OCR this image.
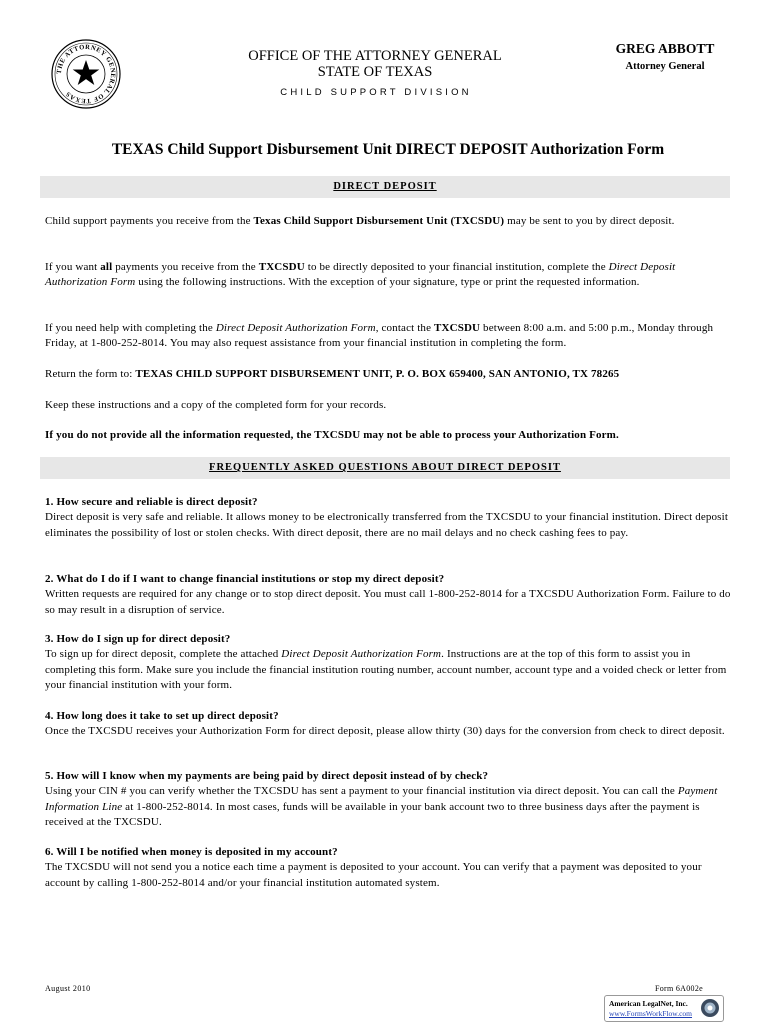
THE ATTORNEY GENERAL OF TEXAS
OFFICE OF THE ATTORNEY GENERAL
STATE OF TEXAS
CHILD SUPPORT DIVISION
GREG ABBOTT
Attorney General
TEXAS Child Support Disbursement Unit DIRECT DEPOSIT Authorization Form
DIRECT DEPOSIT
Child support payments you receive from the Texas Child Support Disbursement Unit (TXCSDU) may be sent to you by direct deposit.
If you want all payments you receive from the TXCSDU to be directly deposited to your financial institution, complete the Direct Deposit Authorization Form using the following instructions. With the exception of your signature, type or print the requested information.
If you need help with completing the Direct Deposit Authorization Form, contact the TXCSDU between 8:00 a.m. and 5:00 p.m., Monday through Friday, at 1-800-252-8014. You may also request assistance from your financial institution in completing the form.
Return the form to: TEXAS CHILD SUPPORT DISBURSEMENT UNIT, P. O. BOX 659400, SAN ANTONIO, TX 78265
Keep these instructions and a copy of the completed form for your records.
If you do not provide all the information requested, the TXCSDU may not be able to process your Authorization Form.
FREQUENTLY ASKED QUESTIONS ABOUT DIRECT DEPOSIT
1. How secure and reliable is direct deposit?
Direct deposit is very safe and reliable. It allows money to be electronically transferred from the TXCSDU to your financial institution. Direct deposit eliminates the possibility of lost or stolen checks. With direct deposit, there are no mail delays and no check cashing fees to pay.
2. What do I do if I want to change financial institutions or stop my direct deposit?
Written requests are required for any change or to stop direct deposit. You must call 1-800-252-8014 for a TXCSDU Authorization Form. Failure to do so may result in a disruption of service.
3. How do I sign up for direct deposit?
To sign up for direct deposit, complete the attached Direct Deposit Authorization Form. Instructions are at the top of this form to assist you in completing this form. Make sure you include the financial institution routing number, account number, account type and a voided check or letter from your financial institution with your form.
4. How long does it take to set up direct deposit?
Once the TXCSDU receives your Authorization Form for direct deposit, please allow thirty (30) days for the conversion from check to direct deposit.
5. How will I know when my payments are being paid by direct deposit instead of by check?
Using your CIN # you can verify whether the TXCSDU has sent a payment to your financial institution via direct deposit. You can call the Payment Information Line at 1-800-252-8014. In most cases, funds will be available in your bank account two to three business days after the payment is received at the TXCSDU.
6. Will I be notified when money is deposited in my account?
The TXCSDU will not send you a notice each time a payment is deposited to your account. You can verify that a payment was deposited to your account by calling 1-800-252-8014 and/or your financial institution automated system.
August 2010	Form 6A002e
American LegalNet, Inc.
www.FormsWorkFlow.com
